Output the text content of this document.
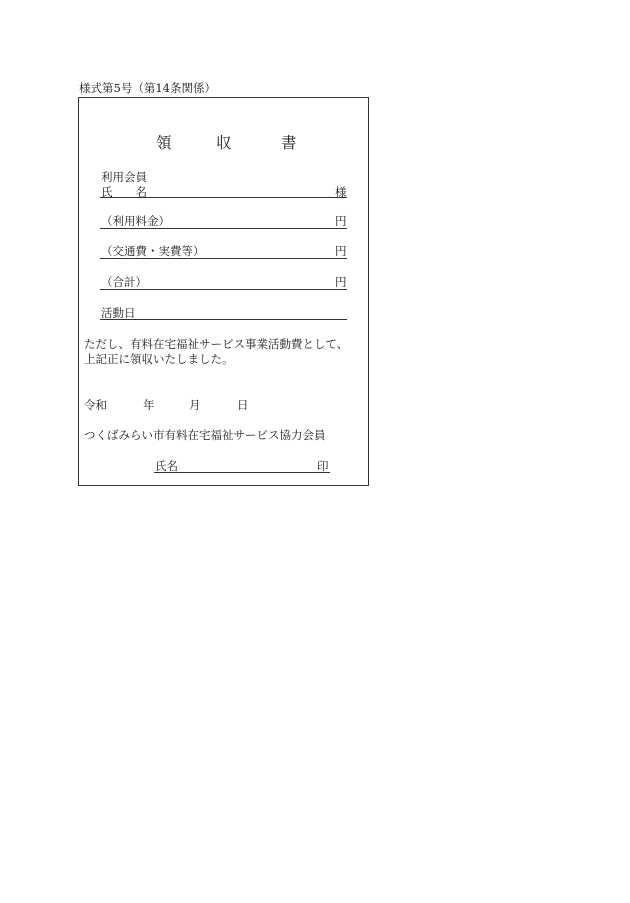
様式第5号（第14条関係）
領	収	書
利用会員
氏　　名	様
（利用料金）	円
（交通費・実費等）	円
（合計）	円
活動日
ただし、有料在宅福祉サービス事業活動費として、
上記正に領収いたしました。
令和	年	月	日
つくばみらい市有料在宅福祉サービス協力会員
氏名	印
